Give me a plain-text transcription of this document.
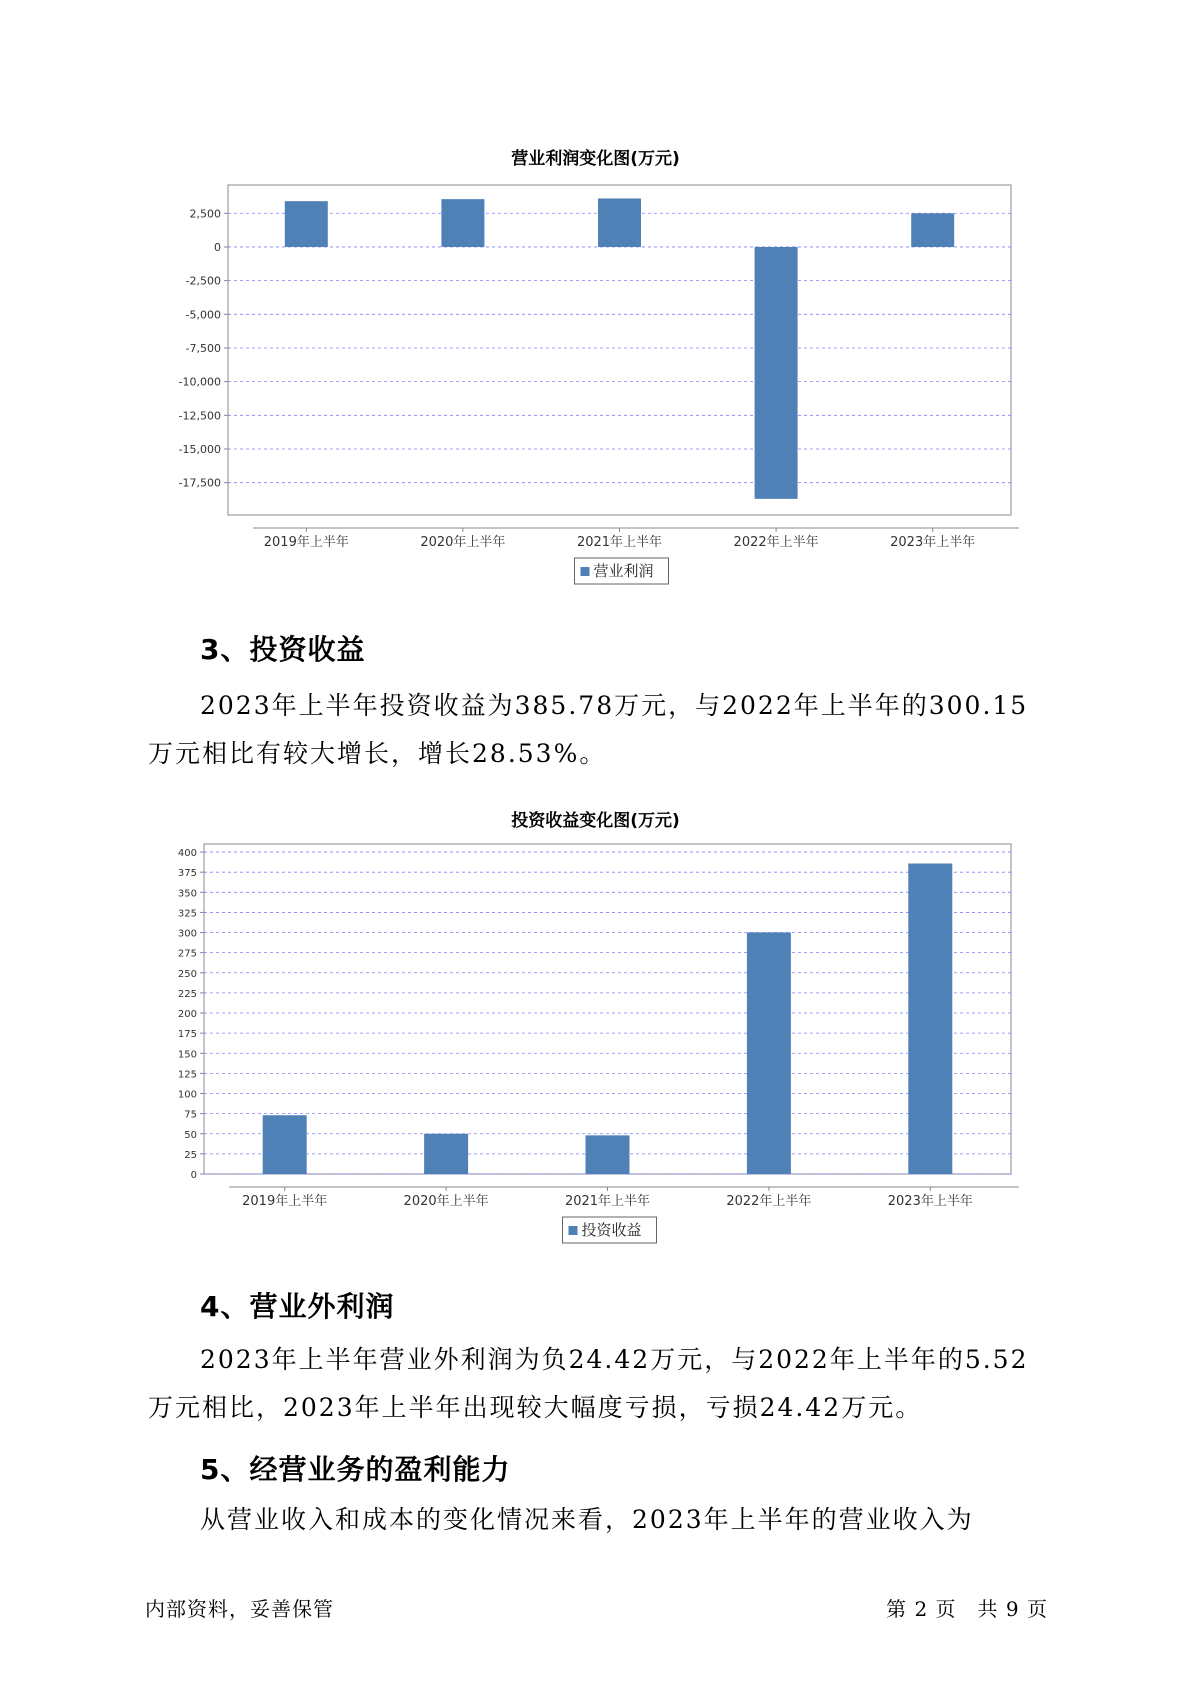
营业利润变化图(万元)
2,500
0
-2,500
-5,000
-7,500
-10,000
-12,500
-15,000
-17,500
2019年上半年	2020年上半年	2021年上半年	2022年上半年	2023年上半年
营业利润
3、投资收益
2023年上半年投资收益为385.78万元，与2022年上半年的300.15万元相比有较大增长，增长28.53%。
投资收益变化图(万元)
400
375
350
325
300
275
250
225
200
175
150
125
100
75
50
25
0
2019年上半年	2020年上半年	2021年上半年	2022年上半年	2023年上半年
投资收益
4、营业外利润
2023年上半年营业外利润为负24.42万元，与2022年上半年的5.52万元相比，2023年上半年出现较大幅度亏损，亏损24.42万元。
5、经营业务的盈利能力
从营业收入和成本的变化情况来看，2023年上半年的营业收入为
内部资料，妥善保管	第 2 页　共 9 页
